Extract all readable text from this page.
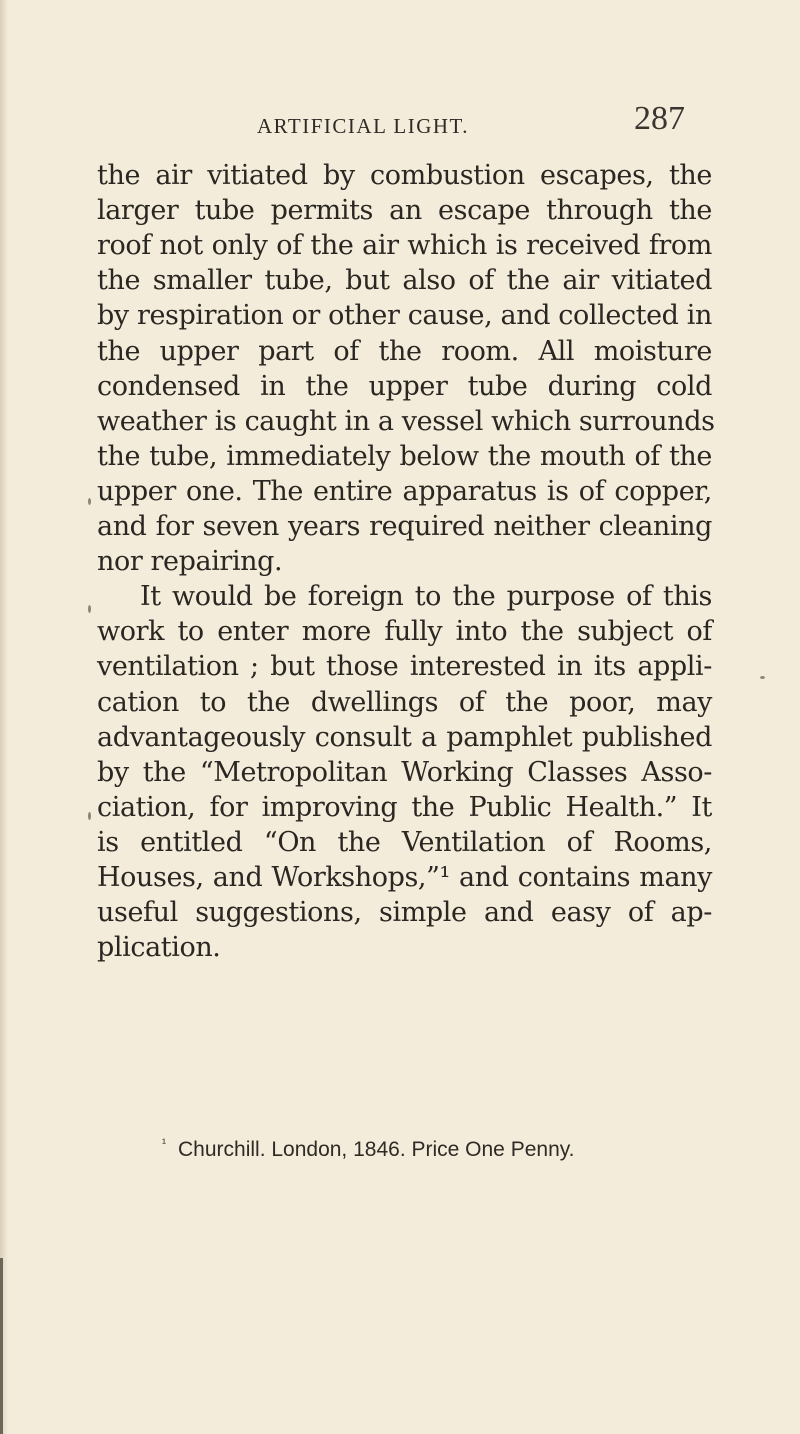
ARTIFICIAL LIGHT.	287
the air vitiated by combustion escapes, the
larger tube permits an escape through the
roof not only of the air which is received from
the smaller tube, but also of the air vitiated
by respiration or other cause, and collected in
the upper part of the room. All moisture
condensed in the upper tube during cold
weather is caught in a vessel which surrounds
the tube, immediately below the mouth of the
upper one. The entire apparatus is of copper,
and for seven years required neither cleaning
nor repairing.
It would be foreign to the purpose of this
work to enter more fully into the subject of
ventilation ; but those interested in its appli-
cation to the dwellings of the poor, may
advantageously consult a pamphlet published
by the “Metropolitan Working Classes Asso-
ciation, for improving the Public Health.” It
is entitled “On the Ventilation of Rooms,
Houses, and Workshops,”¹ and contains many
useful suggestions, simple and easy of ap-
plication.
$^{^1}$ Churchill. London, 1846. Price One Penny.
